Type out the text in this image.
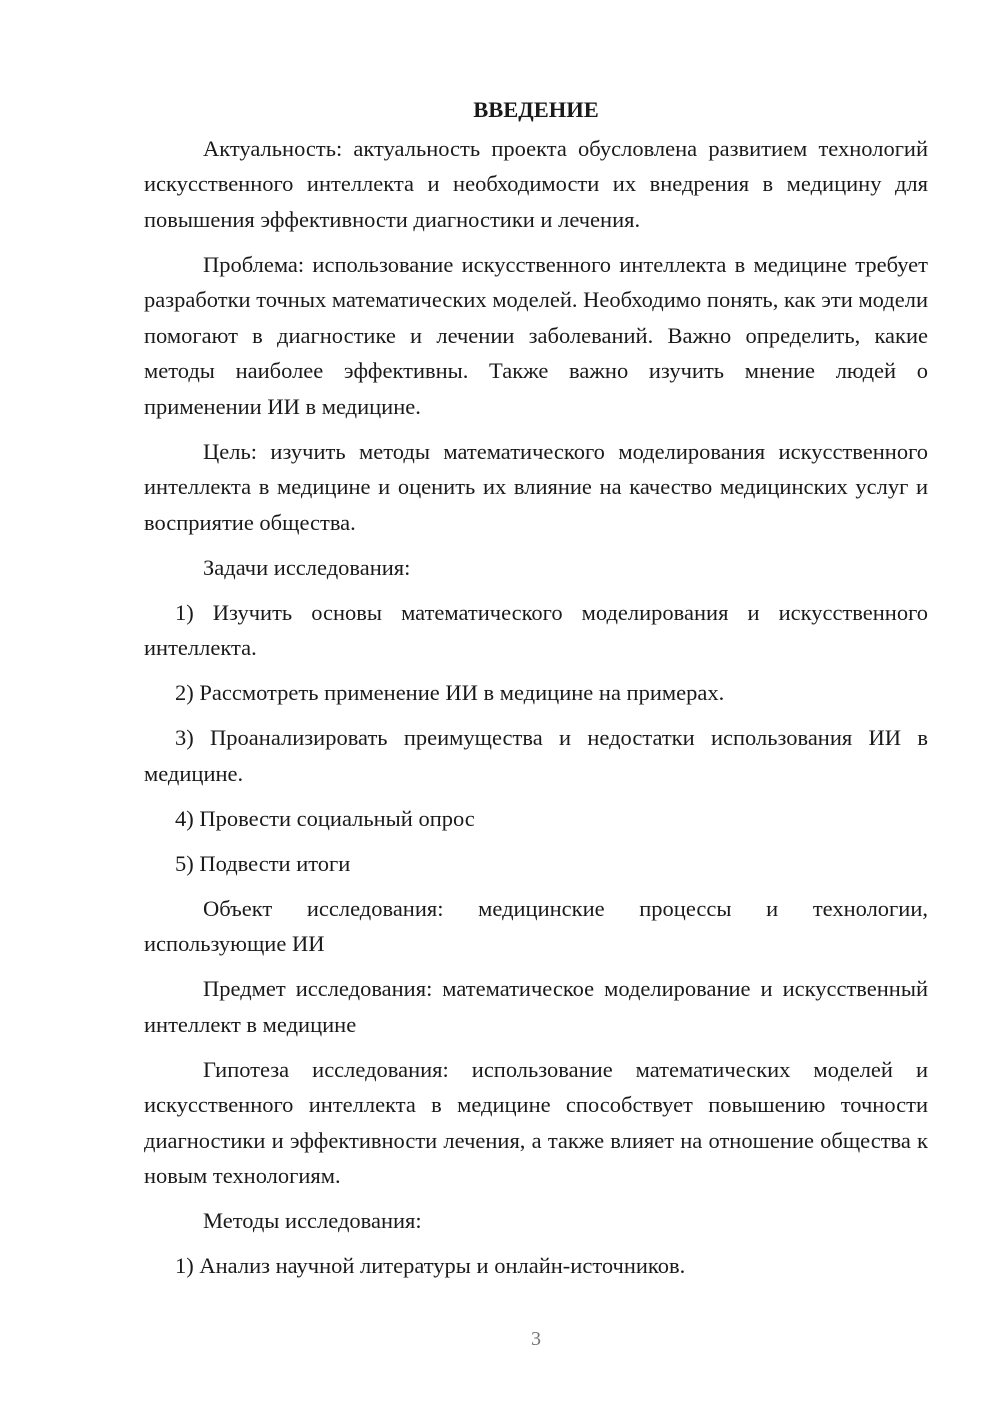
ВВЕДЕНИЕ

Актуальность: актуальность проекта обусловлена развитием технологий искусственного интеллекта и необходимости их внедрения в медицину для повышения эффективности диагностики и лечения.

Проблема: использование искусственного интеллекта в медицине требует разработки точных математических моделей. Необходимо понять, как эти модели помогают в диагностике и лечении заболеваний. Важно определить, какие методы наиболее эффективны. Также важно изучить мнение людей о применении ИИ в медицине.

Цель: изучить методы математического моделирования искусственного интеллекта в медицине и оценить их влияние на качество медицинских услуг и восприятие общества.

Задачи исследования:

1) Изучить основы математического моделирования и искусственного интеллекта.

2) Рассмотреть применение ИИ в медицине на примерах.

3) Проанализировать преимущества и недостатки использования ИИ в медицине.

4) Провести социальный опрос

5) Подвести итоги

Объект исследования: медицинские процессы и технологии, использующие ИИ

Предмет исследования: математическое моделирование и искусственный интеллект в медицине

Гипотеза исследования: использование математических моделей и искусственного интеллекта в медицине способствует повышению точности диагностики и эффективности лечения, а также влияет на отношение общества к новым технологиям.

Методы исследования:

1) Анализ научной литературы и онлайн-источников.

3
